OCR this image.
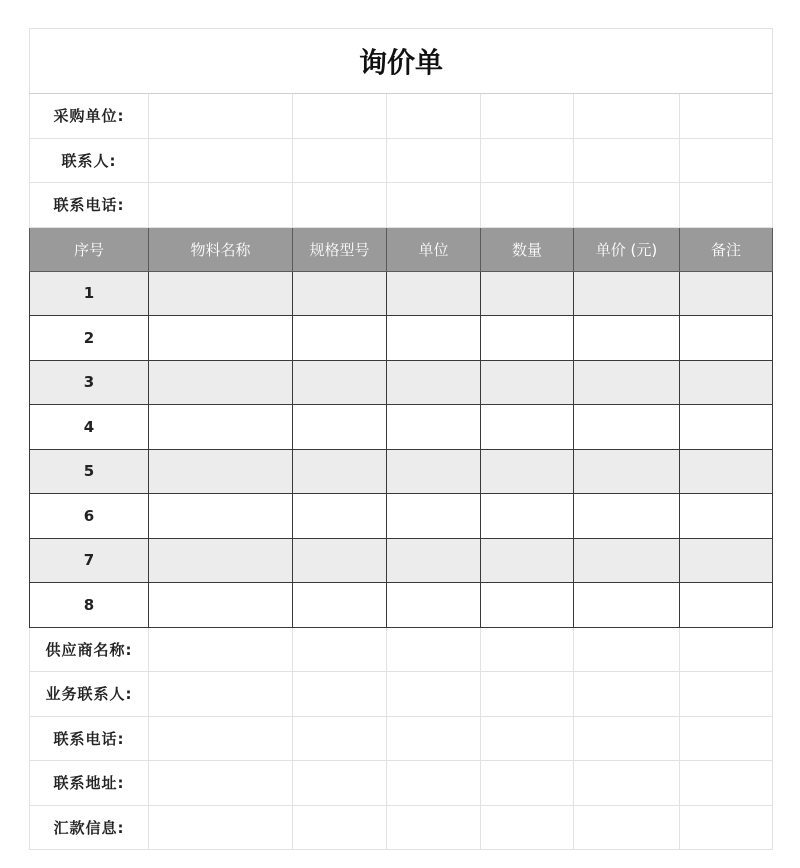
询价单						
采购单位:						
联系人:						
联系电话:						
序号	物料名称	规格型号	单位	数量	单价 (元)	备注
1						
2						
3						
4						
5						
6						
7						
8						
供应商名称:						
业务联系人:						
联系电话:						
联系地址:						
汇款信息:						
